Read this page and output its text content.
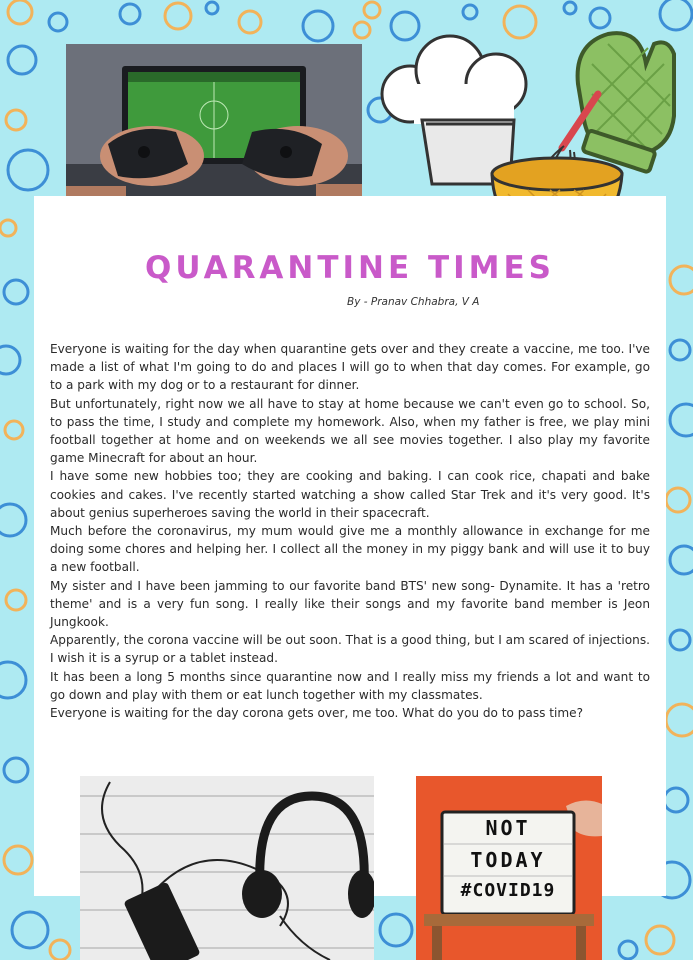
QUARANTINE TIMES
By - Pranav Chhabra, V A

Everyone is waiting for the day when quarantine gets over and they create a vaccine, me too. I've made a list of what I'm going to do and places I will go to when that day comes. For example, go to a park with my dog or to a restaurant for dinner.

But unfortunately, right now we all have to stay at home because we can't even go to school. So, to pass the time, I study and complete my homework. Also, when my father is free, we play mini football together at home and on weekends we all see movies together. I also play my favorite game Minecraft for about an hour.

I have some new hobbies too; they are cooking and baking. I can cook rice, chapati and bake cookies and cakes. I've recently started watching a show called Star Trek and it's very good. It's about genius superheroes saving the world in their spacecraft.

Much before the coronavirus, my mum would give me a monthly allowance in exchange for me doing some chores and helping her. I collect all the money in my piggy bank and will use it to buy a new football.

My sister and I have been jamming to our favorite band BTS' new song- Dynamite. It has a 'retro theme' and is a very fun song. I really like their songs and my favorite band member is Jeon Jungkook.

Apparently, the corona vaccine will be out soon. That is a good thing, but I am scared of injections. I wish it is a syrup or a tablet instead.

It has been a long 5 months since quarantine now and I really miss my friends a lot and want to go down and play with them or eat lunch together with my classmates.

Everyone is waiting for the day corona gets over, me too. What do you do to pass time?

NOT
TODAY
#COVID19
